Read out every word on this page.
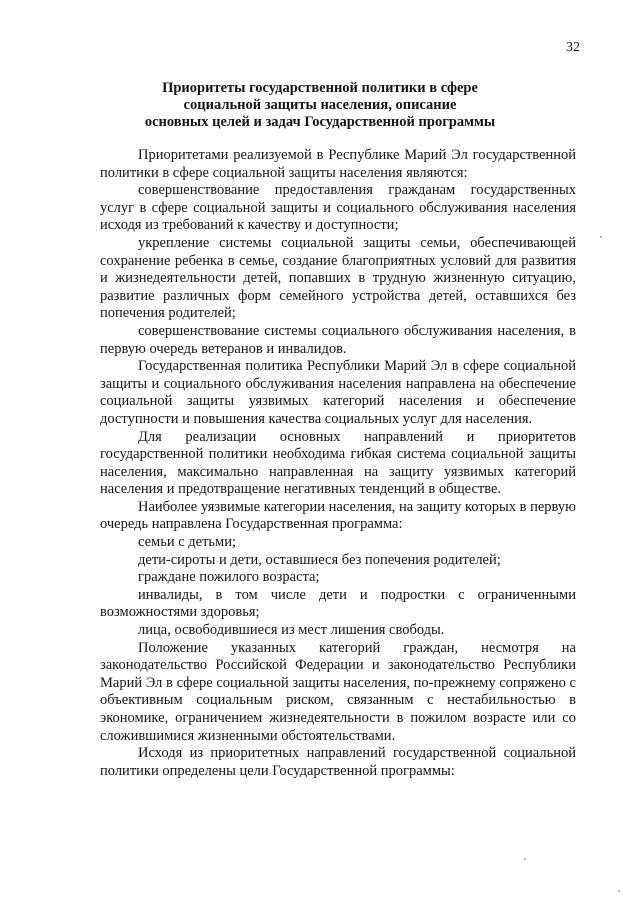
32
Приоритеты государственной политики в сфере
социальной защиты населения, описание
основных целей и задач Государственной программы

Приоритетами реализуемой в Республике Марий Эл государственной политики в сфере социальной защиты населения являются:

совершенствование предоставления гражданам государственных услуг в сфере социальной защиты и социального обслуживания населения исходя из требований к качеству и доступности;

укрепление системы социальной защиты семьи, обеспечивающей сохранение ребенка в семье, создание благоприятных условий для развития и жизнедеятельности детей, попавших в трудную жизненную ситуацию, развитие различных форм семейного устройства детей, оставшихся без попечения родителей;

совершенствование системы социального обслуживания населения, в первую очередь ветеранов и инвалидов.

Государственная политика Республики Марий Эл в сфере социальной защиты и социального обслуживания населения направлена на обеспечение социальной защиты уязвимых категорий населения и обеспечение доступности и повышения качества социальных услуг для населения.

Для реализации основных направлений и приоритетов государственной политики необходима гибкая система социальной защиты населения, максимально направленная на защиту уязвимых категорий населения и предотвращение негативных тенденций в обществе.

Наиболее уязвимые категории населения, на защиту которых в первую очередь направлена Государственная программа:

семьи с детьми;

дети-сироты и дети, оставшиеся без попечения родителей;

граждане пожилого возраста;

инвалиды, в том числе дети и подростки с ограниченными возможностями здоровья;

лица, освободившиеся из мест лишения свободы.

Положение указанных категорий граждан, несмотря на законодательство Российской Федерации и законодательство Республики Марий Эл в сфере социальной защиты населения, по-прежнему сопряжено с объективным социальным риском, связанным с нестабильностью в экономике, ограничением жизнедеятельности в пожилом возрасте или со сложившимися жизненными обстоятельствами.

Исходя из приоритетных направлений государственной социальной политики определены цели Государственной программы:
